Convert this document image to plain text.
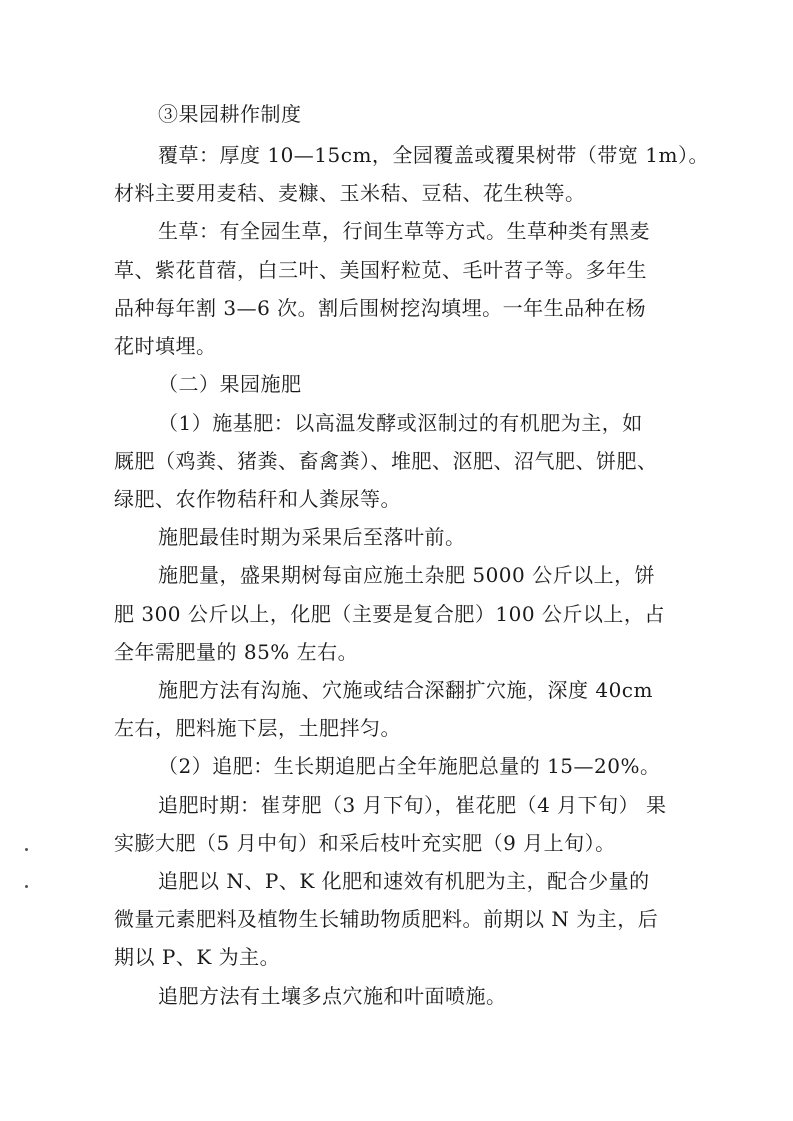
③果园耕作制度
覆草：厚度 10—15cm，全园覆盖或覆果树带（带宽 1m）。
材料主要用麦秸、麦糠、玉米秸、豆秸、花生秧等。
生草：有全园生草，行间生草等方式。生草种类有黑麦
草、紫花苜蓿，白三叶、美国籽粒苋、毛叶苕子等。多年生
品种每年割 3—6 次。割后围树挖沟填埋。一年生品种在杨
花时填埋。
（二）果园施肥
（1）施基肥：以高温发酵或沤制过的有机肥为主，如
厩肥（鸡粪、猪粪、畜禽粪）、堆肥、沤肥、沼气肥、饼肥、
绿肥、农作物秸秆和人粪尿等。
施肥最佳时期为采果后至落叶前。
施肥量，盛果期树每亩应施土杂肥 5000 公斤以上，饼
肥 300 公斤以上，化肥（主要是复合肥）100 公斤以上，占
全年需肥量的 85% 左右。
施肥方法有沟施、穴施或结合深翻扩穴施，深度 40cm
左右，肥料施下层，土肥拌匀。
（2）追肥：生长期追肥占全年施肥总量的 15—20%。
追肥时期：崔芽肥（3 月下旬），崔花肥（4 月下旬） 果
实膨大肥（5 月中旬）和采后枝叶充实肥（9 月上旬）。
追肥以 N、P、K 化肥和速效有机肥为主，配合少量的
微量元素肥料及植物生长辅助物质肥料。前期以 N 为主，后
期以 P、K 为主。
追肥方法有土壤多点穴施和叶面喷施。
